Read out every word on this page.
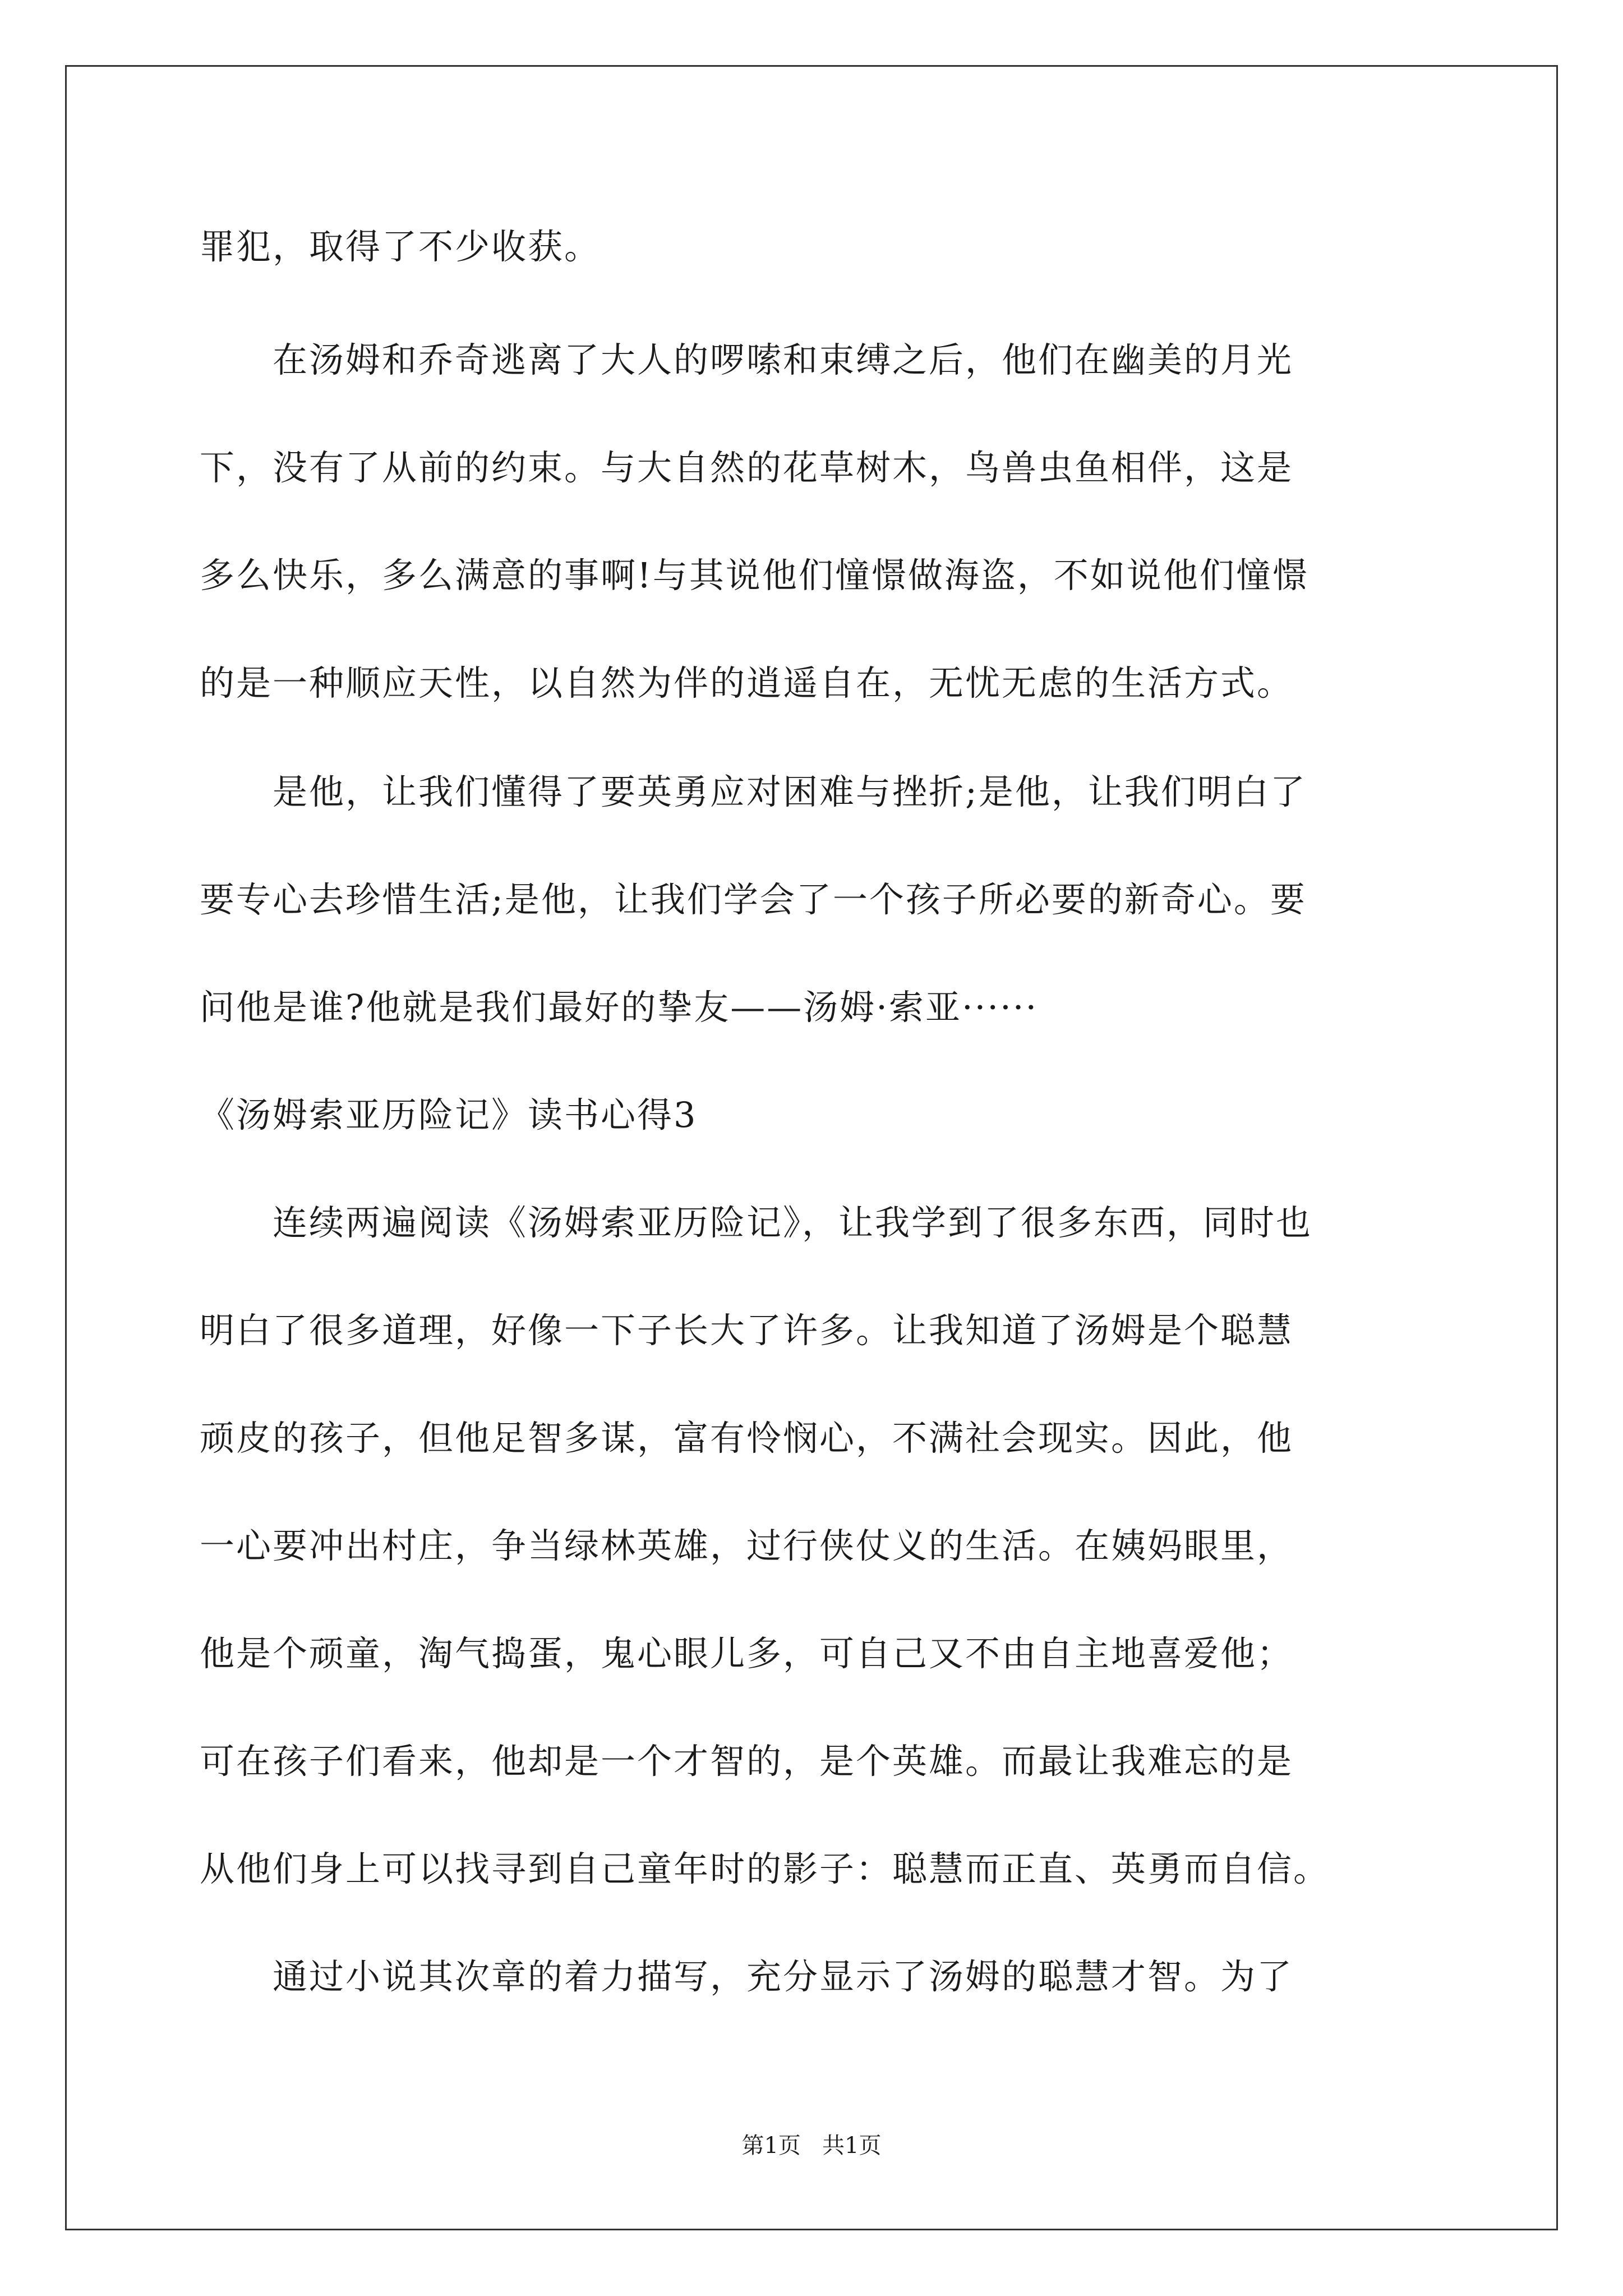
罪犯，取得了不少收获。
　　在汤姆和乔奇逃离了大人的啰嗦和束缚之后，他们在幽美的月光
下，没有了从前的约束。与大自然的花草树木，鸟兽虫鱼相伴，这是
多么快乐，多么满意的事啊!与其说他们憧憬做海盗，不如说他们憧憬
的是一种顺应天性，以自然为伴的逍遥自在，无忧无虑的生活方式。
　　是他，让我们懂得了要英勇应对困难与挫折;是他，让我们明白了
要专心去珍惜生活;是他，让我们学会了一个孩子所必要的新奇心。要
问他是谁?他就是我们最好的挚友——汤姆·索亚······
《汤姆索亚历险记》读书心得3
　　连续两遍阅读《汤姆索亚历险记》，让我学到了很多东西，同时也
明白了很多道理，好像一下子长大了许多。让我知道了汤姆是个聪慧
顽皮的孩子，但他足智多谋，富有怜悯心，不满社会现实。因此，他
一心要冲出村庄，争当绿林英雄，过行侠仗义的生活。在姨妈眼里，
他是个顽童，淘气捣蛋，鬼心眼儿多，可自己又不由自主地喜爱他；
可在孩子们看来，他却是一个才智的，是个英雄。而最让我难忘的是
从他们身上可以找寻到自己童年时的影子：聪慧而正直、英勇而自信。
　　通过小说其次章的着力描写，充分显示了汤姆的聪慧才智。为了
第1页   共1页
